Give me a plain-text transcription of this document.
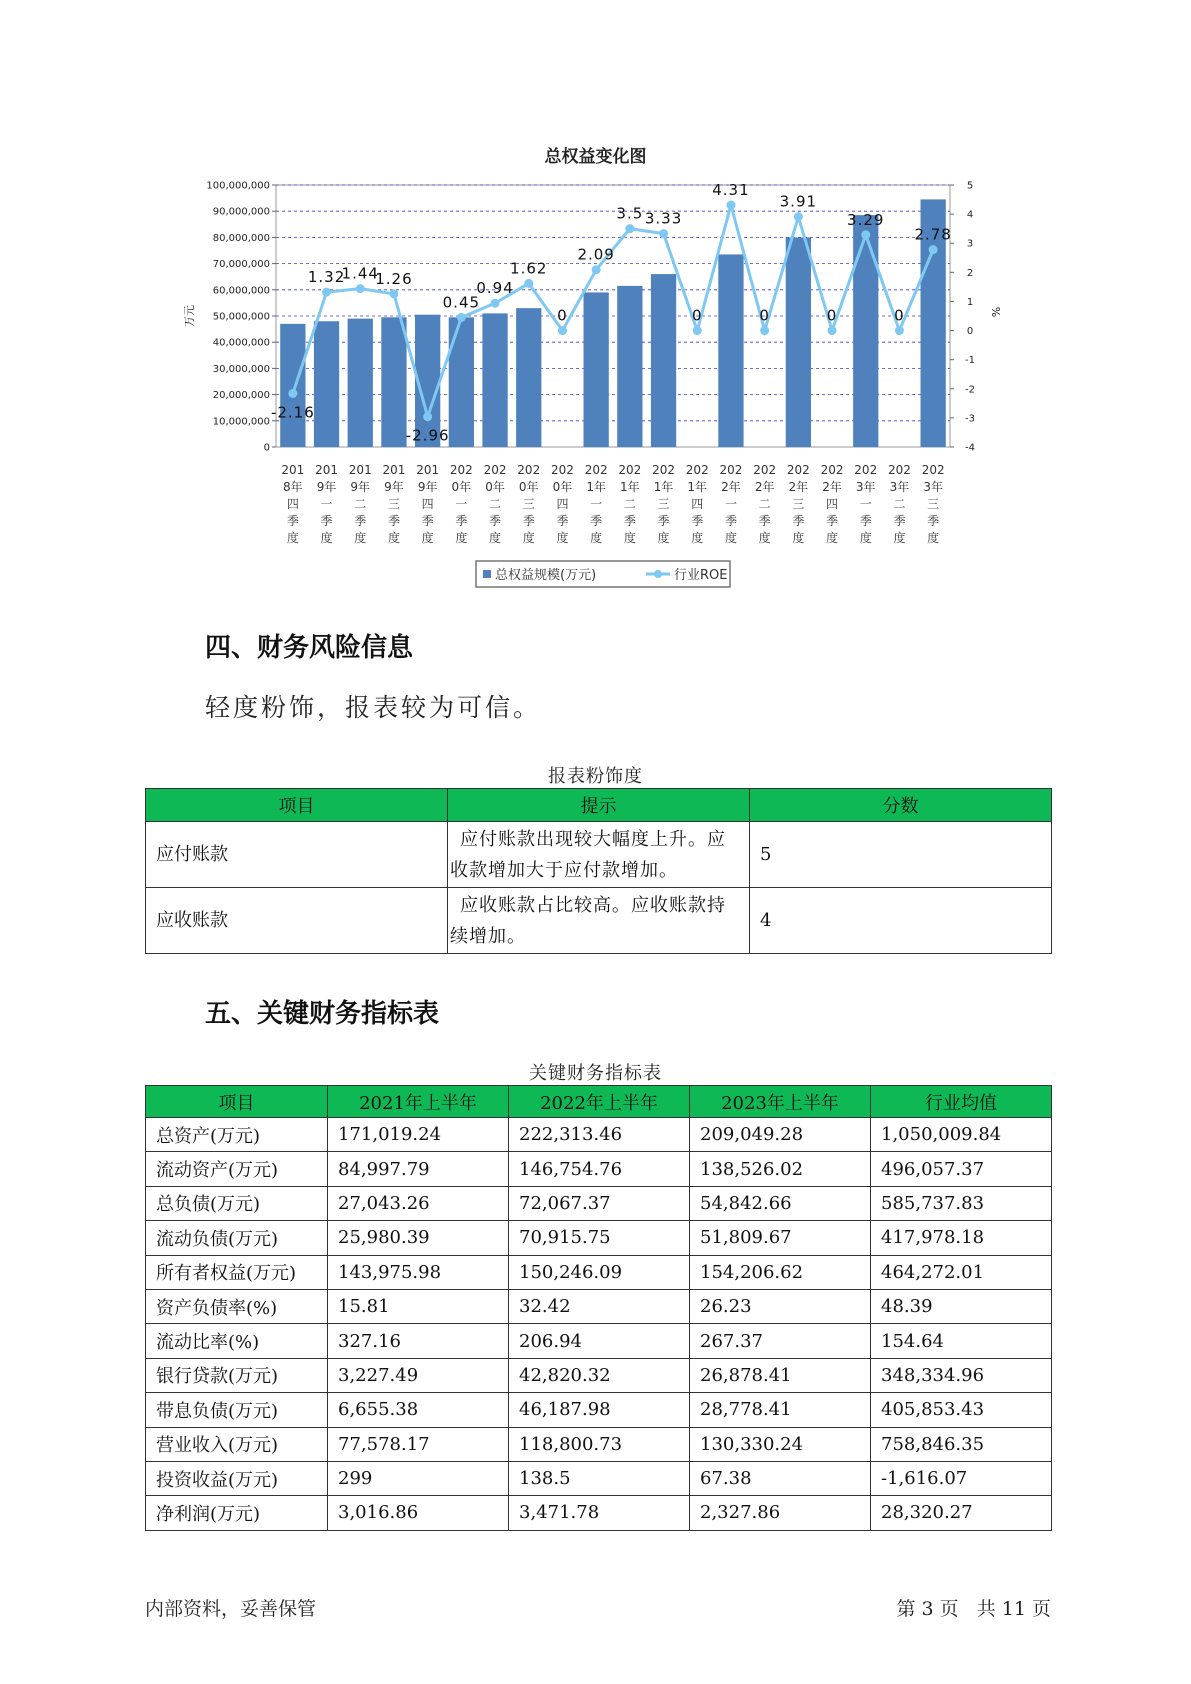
总权益变化图
0
10,000,000
20,000,000
30,000,000
40,000,000
50,000,000
60,000,000
70,000,000
80,000,000
90,000,000
100,000,000
-4
-3
-2
-1
0
1
2
3
4
5
万元	%
-2.16
1.32
1.44
1.26
-2.96
0.45
0.94
1.62
0
2.09
3.5 3.33
0
4.31
0
3.91
0
3.29
0
2.78
201
8年
四
季
度
201
9年
一
季
度
201
9年
二
季
度
201
9年
三
季
度
201
9年
四
季
度
202
0年
一
季
度
202
0年
二
季
度
202
0年
三
季
度
202
0年
四
季
度
202
1年
一
季
度
202
1年
二
季
度
202
1年
三
季
度
202
1年
四
季
度
202
2年
一
季
度
202
2年
二
季
度
202
2年
三
季
度
202
2年
四
季
度
202
3年
一
季
度
202
3年
二
季
度
202
3年
三
季
度
总权益规模(万元)	行业ROE
四、财务风险信息
轻度粉饰，报表较为可信。
报表粉饰度
项目	提示	分数
应付账款	应付账款出现较大幅度上升。应收款增加大于应付款增加。	5
应收账款	应收账款占比较高。应收账款持续增加。	4
五、关键财务指标表
关键财务指标表
项目	2021年上半年	2022年上半年	2023年上半年	行业均值
总资产(万元)	171,019.24	222,313.46	209,049.28	1,050,009.84
流动资产(万元)	84,997.79	146,754.76	138,526.02	496,057.37
总负债(万元)	27,043.26	72,067.37	54,842.66	585,737.83
流动负债(万元)	25,980.39	70,915.75	51,809.67	417,978.18
所有者权益(万元)	143,975.98	150,246.09	154,206.62	464,272.01
资产负债率(%)	15.81	32.42	26.23	48.39
流动比率(%)	327.16	206.94	267.37	154.64
银行贷款(万元)	3,227.49	42,820.32	26,878.41	348,334.96
带息负债(万元)	6,655.38	46,187.98	28,778.41	405,853.43
营业收入(万元)	77,578.17	118,800.73	130,330.24	758,846.35
投资收益(万元)	299	138.5	67.38	-1,616.07
净利润(万元)	3,016.86	3,471.78	2,327.86	28,320.27
内部资料，妥善保管	第 3 页   共 11 页
